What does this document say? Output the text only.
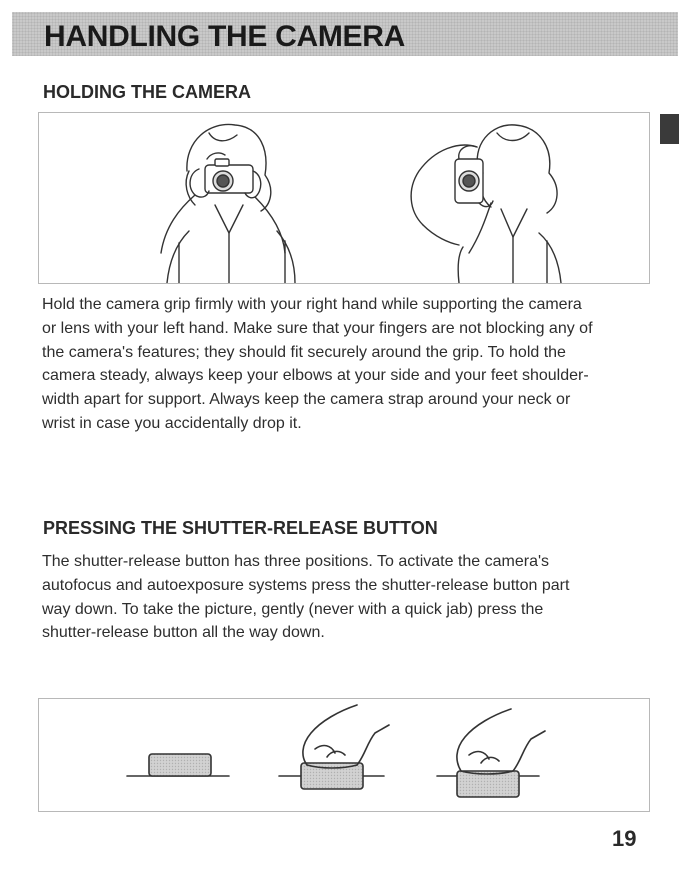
HANDLING THE CAMERA
HOLDING THE CAMERA

Hold the camera grip firmly with your right hand while supporting the camera
or lens with your left hand. Make sure that your fingers are not blocking any of
the camera's features; they should fit securely around the grip. To hold the
camera steady, always keep your elbows at your side and your feet shoulder-
width apart for support. Always keep the camera strap around your neck or
wrist in case you accidentally drop it.

PRESSING THE SHUTTER-RELEASE BUTTON

The shutter-release button has three positions. To activate the camera's
autofocus and autoexposure systems press the shutter-release button part
way down. To take the picture, gently (never with a quick jab) press the
shutter-release button all the way down.

19
